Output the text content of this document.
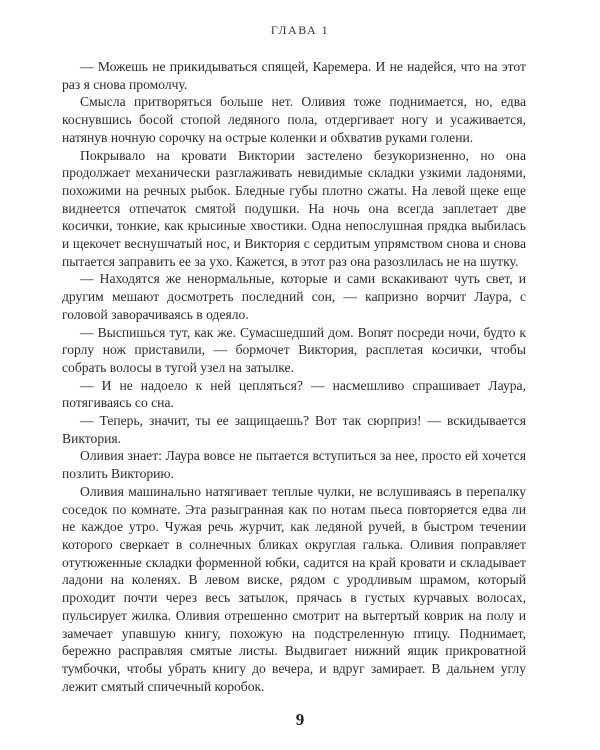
ГЛАВА 1

— Можешь не прикидываться спящей, Каремера. И не надейся, что на этот раз я снова промолчу.

Смысла притворяться больше нет. Оливия тоже поднимается, но, едва коснувшись босой стопой ледяного пола, отдергивает ногу и усаживается, натянув ночную сорочку на острые коленки и обхватив руками голени.

Покрывало на кровати Виктории застелено безукоризненно, но она продолжает механически разглаживать невидимые складки узкими ладонями, похожими на речных рыбок. Бледные губы плотно сжаты. На левой щеке еще виднеется отпечаток смятой подушки. На ночь она всегда заплетает две косички, тонкие, как крысиные хвостики. Одна непослушная прядка выбилась и щекочет веснушчатый нос, и Виктория с сердитым упрямством снова и снова пытается заправить ее за ухо. Кажется, в этот раз она разозлилась не на шутку.

— Находятся же ненормальные, которые и сами вскакивают чуть свет, и другим мешают досмотреть последний сон, — капризно ворчит Лаура, с головой заворачиваясь в одеяло.

— Выспишься тут, как же. Сумасшедший дом. Вопят посреди ночи, будто к горлу нож приставили, — бормочет Виктория, расплетая косички, чтобы собрать волосы в тугой узел на затылке.

— И не надоело к ней цепляться? — насмешливо спрашивает Лаура, потягиваясь со сна.

— Теперь, значит, ты ее защищаешь? Вот так сюрприз! — вскидывается Виктория.

Оливия знает: Лаура вовсе не пытается вступиться за нее, просто ей хочется позлить Викторию.

Оливия машинально натягивает теплые чулки, не вслушиваясь в перепалку соседок по комнате. Эта разыгранная как по нотам пьеса повторяется едва ли не каждое утро. Чужая речь журчит, как ледяной ручей, в быстром течении которого сверкает в солнечных бликах округлая галька. Оливия поправляет отутюженные складки форменной юбки, садится на край кровати и складывает ладони на коленях. В левом виске, рядом с уродливым шрамом, который проходит почти через весь затылок, прячась в густых курчавых волосах, пульсирует жилка. Оливия отрешенно смотрит на вытертый коврик на полу и замечает упавшую книгу, похожую на подстреленную птицу. Поднимает, бережно расправляя смятые листы. Выдвигает нижний ящик прикроватной тумбочки, чтобы убрать книгу до вечера, и вдруг замирает. В дальнем углу лежит смятый спичечный коробок.

9
